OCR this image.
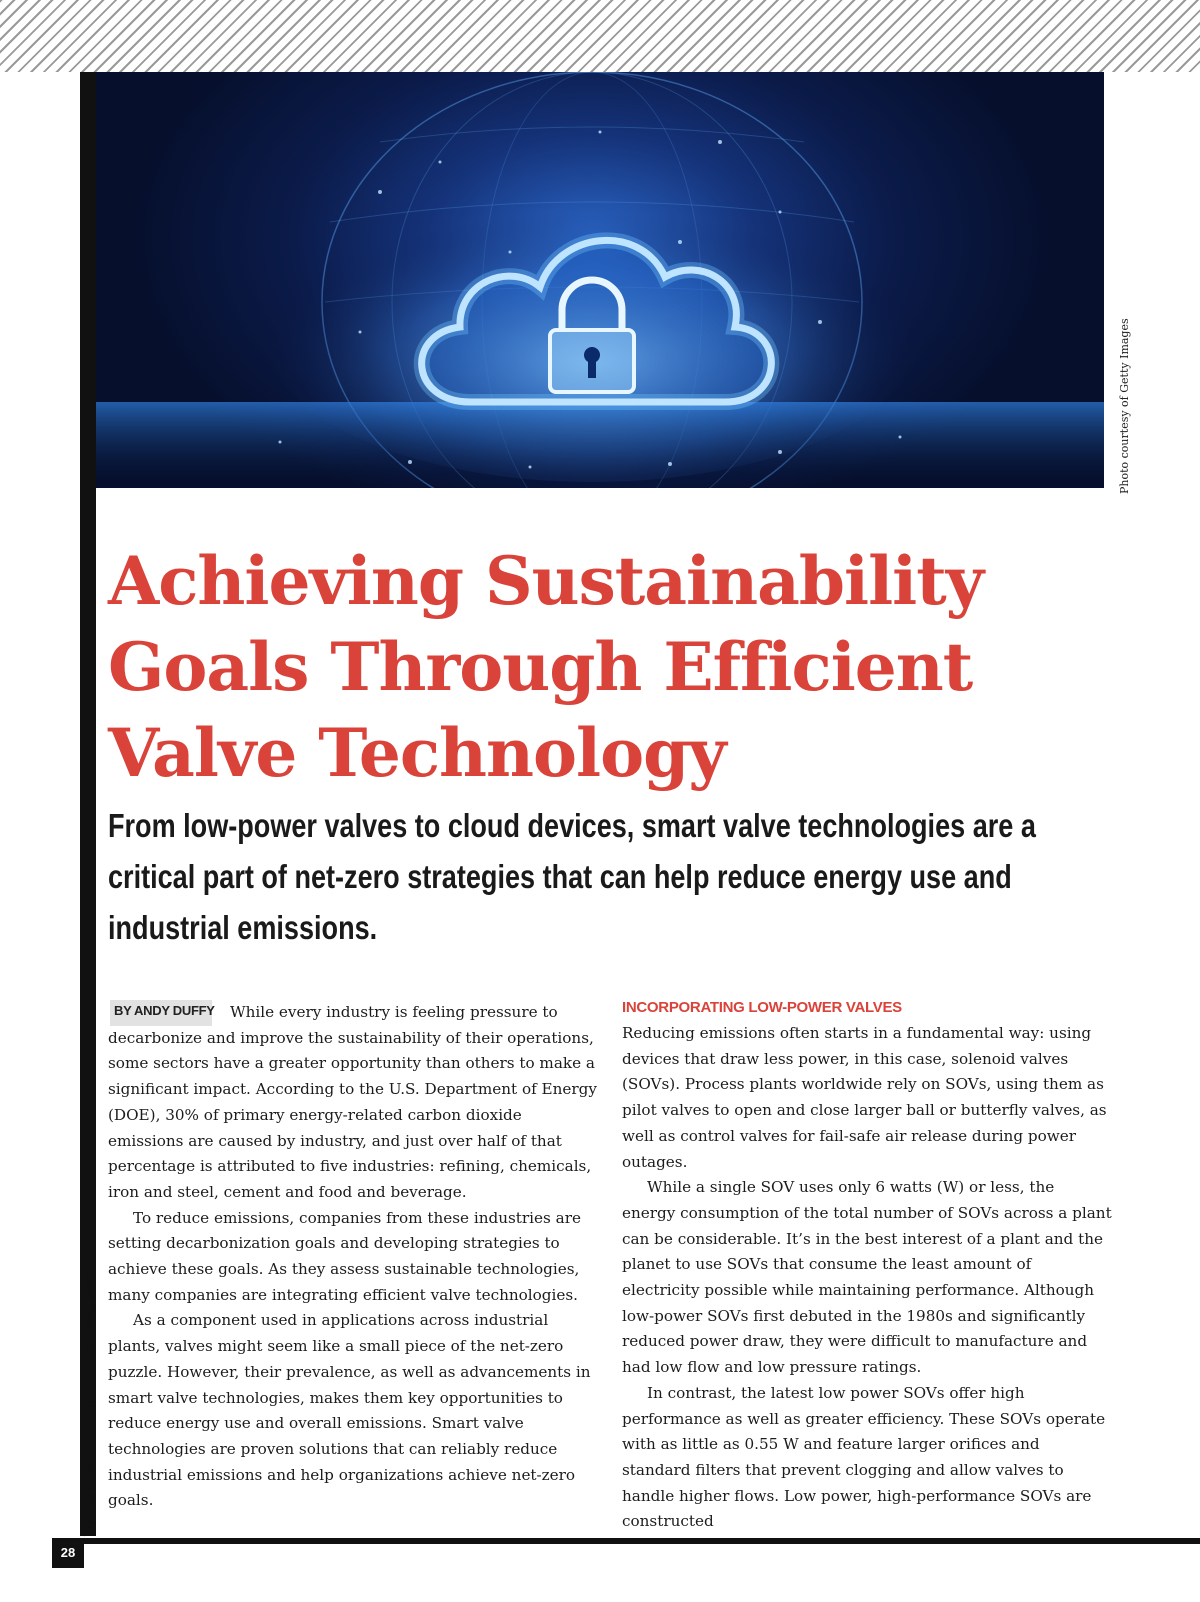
Photo courtesy of Getty Images
Achieving Sustainability Goals Through Efficient Valve Technology
From low-power valves to cloud devices, smart valve technologies are a critical part of net-zero strategies that can help reduce energy use and industrial emissions.
BY ANDY DUFFY	While every industry is feeling pressure to decarbonize and improve the sustainability of their operations, some sectors have a greater opportunity than others to make a significant impact. According to the U.S. Department of Energy (DOE), 30% of primary energy-related carbon dioxide emissions are caused by industry, and just over half of that percentage is attributed to five industries: refining, chemicals, iron and steel, cement and food and beverage.

To reduce emissions, companies from these industries are setting decarbonization goals and developing strategies to achieve these goals. As they assess sustainable technologies, many companies are integrating efficient valve technologies.

As a component used in applications across industrial plants, valves might seem like a small piece of the net-zero puzzle. However, their prevalence, as well as advancements in smart valve technologies, makes them key opportunities to reduce energy use and overall emissions. Smart valve technologies are proven solutions that can reliably reduce industrial emissions and help organizations achieve net-zero goals.

INCORPORATING LOW-POWER VALVES

Reducing emissions often starts in a fundamental way: using devices that draw less power, in this case, solenoid valves (SOVs). Process plants worldwide rely on SOVs, using them as pilot valves to open and close larger ball or butterfly valves, as well as control valves for fail-safe air release during power outages.

While a single SOV uses only 6 watts (W) or less, the energy consumption of the total number of SOVs across a plant can be considerable. It’s in the best interest of a plant and the planet to use SOVs that consume the least amount of electricity possible while maintaining performance. Although low-power SOVs first debuted in the 1980s and significantly reduced power draw, they were difficult to manufacture and had low flow and low pressure ratings.

In contrast, the latest low power SOVs offer high performance as well as greater efficiency. These SOVs operate with as little as 0.55 W and feature larger orifices and standard filters that prevent clogging and allow valves to handle higher flows. Low power, high-performance SOVs are constructed

VALVE MAGAZINE SPRING 2023
28
